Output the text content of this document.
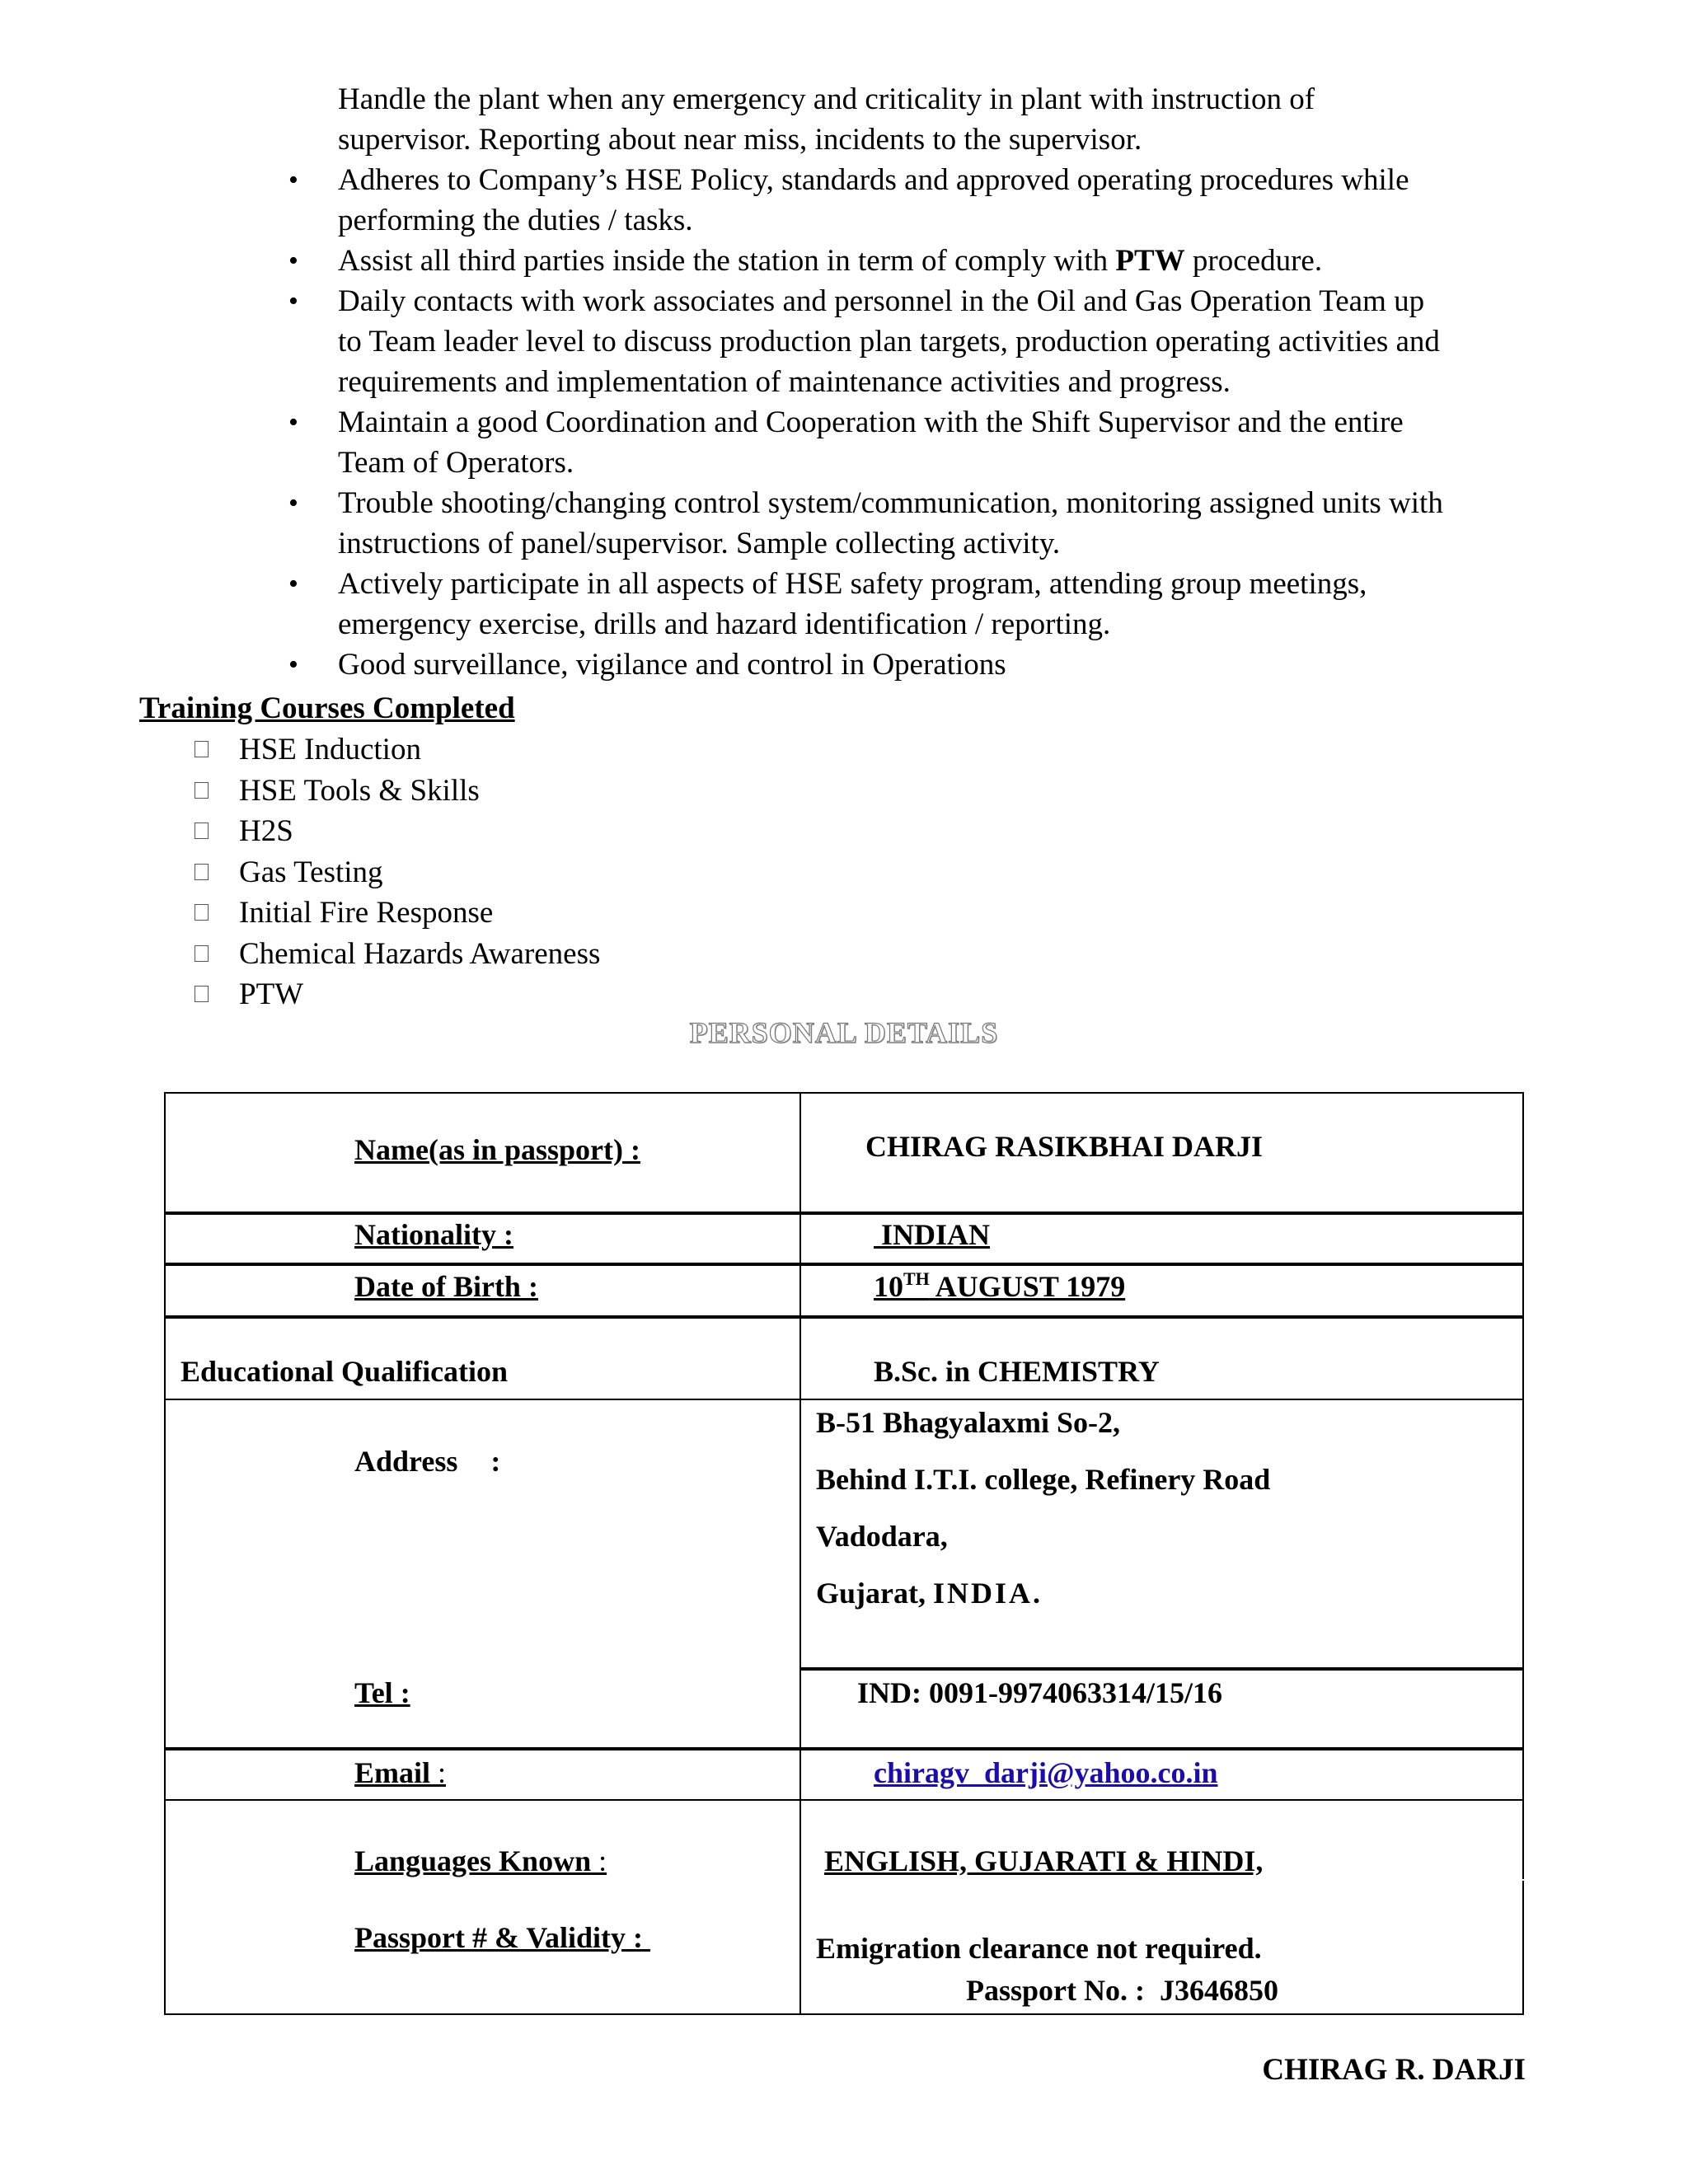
Handle the plant when any emergency and criticality in plant with instruction of
supervisor. Reporting about near miss, incidents to the supervisor.
• Adheres to Company’s HSE Policy, standards and approved operating procedures while
performing the duties / tasks.
• Assist all third parties inside the station in term of comply with PTW procedure.
• Daily contacts with work associates and personnel in the Oil and Gas Operation Team up
to Team leader level to discuss production plan targets, production operating activities and
requirements and implementation of maintenance activities and progress.
• Maintain a good Coordination and Cooperation with the Shift Supervisor and the entire
Team of Operators.
• Trouble shooting/changing control system/communication, monitoring assigned units with
instructions of panel/supervisor. Sample collecting activity.
• Actively participate in all aspects of HSE safety program, attending group meetings,
emergency exercise, drills and hazard identification / reporting.
• Good surveillance, vigilance and control in Operations
Training Courses Completed
HSE Induction
HSE Tools & Skills
H2S
Gas Testing
Initial Fire Response
Chemical Hazards Awareness
PTW
PERSONAL DETAILS
Name(as in passport) :	CHIRAG RASIKBHAI DARJI
Nationality :	INDIAN
Date of Birth :	10TH AUGUST 1979
Educational Qualification	B.Sc. in CHEMISTRY
Address :
B-51 Bhagyalaxmi So-2,
Behind I.T.I. college, Refinery Road
Vadodara,
Gujarat, INDIA.
Tel :	IND: 0091-9974063314/15/16
Email :	chiragv_darji@yahoo.co.in
Languages Known :	ENGLISH, GUJARATI & HINDI,
Passport # & Validity :	Emigration clearance not required.
Passport No. :  J3646850
CHIRAG R. DARJI
